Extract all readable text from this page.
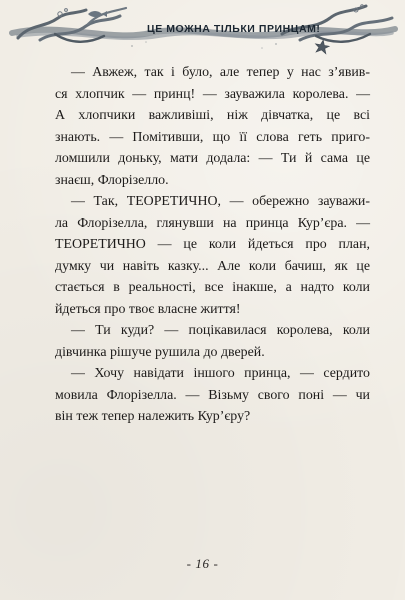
ЦЕ МОЖНА ТІЛЬКИ ПРИНЦАМ!
— Авжеж, так і було, але тепер у нас з’явив-
ся хлопчик — принц! — зауважила королева. —
А хлопчики важливіші, ніж дівчатка, це всі
знають. — Помітивши, що її слова геть приго-
ломшили доньку, мати додала: — Ти й сама це
знаєш, Флорізелло.
— Так, ТЕОРЕТИЧНО, — обережно зауважи-
ла Флорізелла, глянувши на принца Кур’єра. —
ТЕОРЕТИЧНО — це коли йдеться про план,
думку чи навіть казку... Але коли бачиш, як це
стається в реальності, все інакше, а надто коли
йдеться про твоє власне життя!
— Ти куди? — поцікавилася королева, коли
дівчинка рішуче рушила до дверей.
— Хочу навідати іншого принца, — сердито
мовила Флорізелла. — Візьму свого поні — чи
він теж тепер належить Кур’єру?
- 16 -
